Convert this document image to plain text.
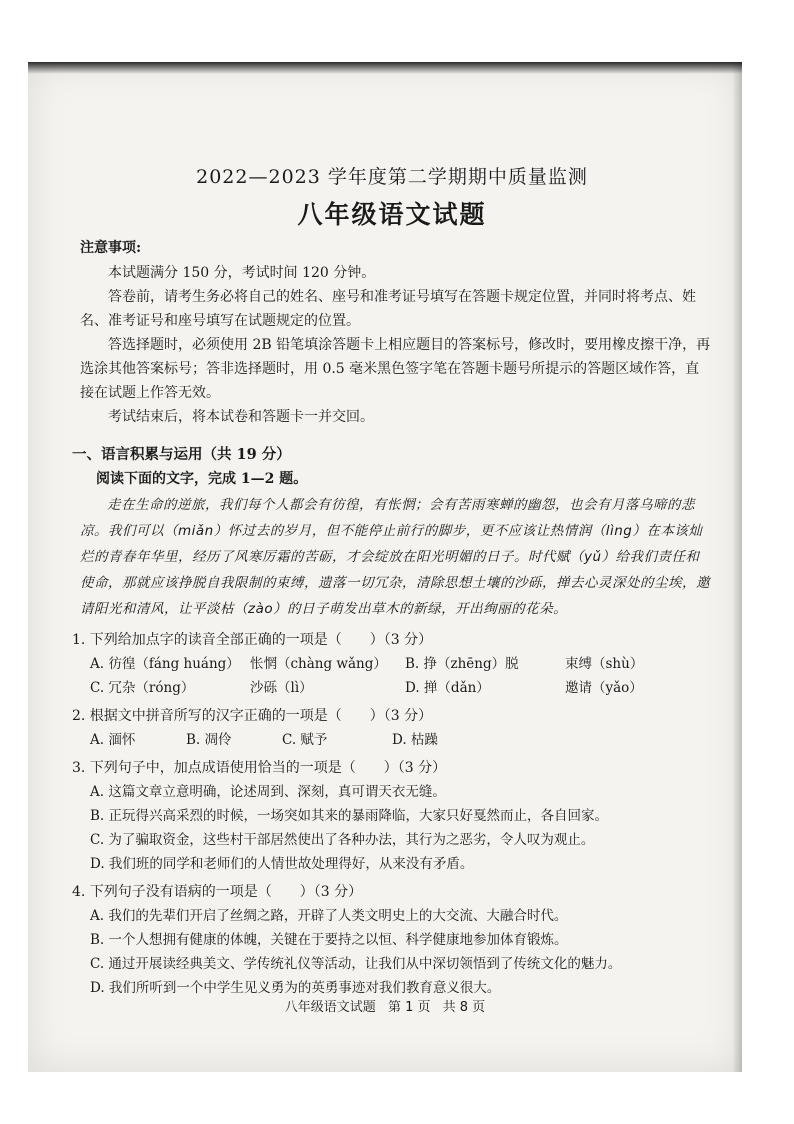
2022—2023 学年度第二学期期中质量监测
八年级语文试题
注意事项:

本试题满分 150 分，考试时间 120 分钟。

答卷前，请考生务必将自己的姓名、座号和准考证号填写在答题卡规定位置，并同时将考点、姓名、准考证号和座号填写在试题规定的位置。

答选择题时，必须使用 2B 铅笔填涂答题卡上相应题目的答案标号，修改时，要用橡皮擦干净，再选涂其他答案标号；答非选择题时，用 0.5 毫米黑色签字笔在答题卡题号所提示的答题区域作答，直接在试题上作答无效。

考试结束后，将本试卷和答题卡一并交回。

一、语言积累与运用（共 19 分）
阅读下面的文字，完成 1—2 题。

走在生命的逆旅，我们每个人都会有彷徨，有怅惘；会有苦雨寒蝉的幽怨，也会有月落乌啼的悲凉。我们可以（miǎn）怀过去的岁月，但不能停止前行的脚步，更不应该让热情润（lìng）在本该灿烂的青春年华里，经历了风寒厉霜的苦砺，才会绽放在阳光明媚的日子。时代赋（yǔ）给我们责任和使命，那就应该挣脱自我限制的束缚，遗落一切冗杂，清除思想土壤的沙砾，掸去心灵深处的尘埃，邀请阳光和清风，让平淡枯（zào）的日子萌发出草木的新绿，开出绚丽的花朵。

1. 下列给加点字的读音全部正确的一项是（　　）（3 分）
A. 彷徨（fáng huáng） 怅惘（chàng wǎng）	B. 挣（zhēng）脱	束缚（shù）
C. 冗杂（róng）	沙砾（lì）	D. 掸（dǎn）	邀请（yǎo）
2. 根据文中拼音所写的汉字正确的一项是（　　）（3 分）
A. 湎怀	B. 凋伶	C. 赋予	D. 枯躁
3. 下列句子中，加点成语使用恰当的一项是（　　）（3 分）
A. 这篇文章立意明确，论述周到、深刻，真可谓天衣无缝。
B. 正玩得兴高采烈的时候，一场突如其来的暴雨降临，大家只好戛然而止，各自回家。
C. 为了骗取资金，这些村干部居然使出了各种办法，其行为之恶劣，令人叹为观止。
D. 我们班的同学和老师们的人情世故处理得好，从来没有矛盾。
4. 下列句子没有语病的一项是（　　）（3 分）
A. 我们的先辈们开启了丝绸之路，开辟了人类文明史上的大交流、大融合时代。
B. 一个人想拥有健康的体魄，关键在于要持之以恒、科学健康地参加体育锻炼。
C. 通过开展读经典美文、学传统礼仪等活动，让我们从中深切领悟到了传统文化的魅力。
D. 我们所听到一个中学生见义勇为的英勇事迹对我们教育意义很大。
八年级语文试题 第 1 页 共 8 页
